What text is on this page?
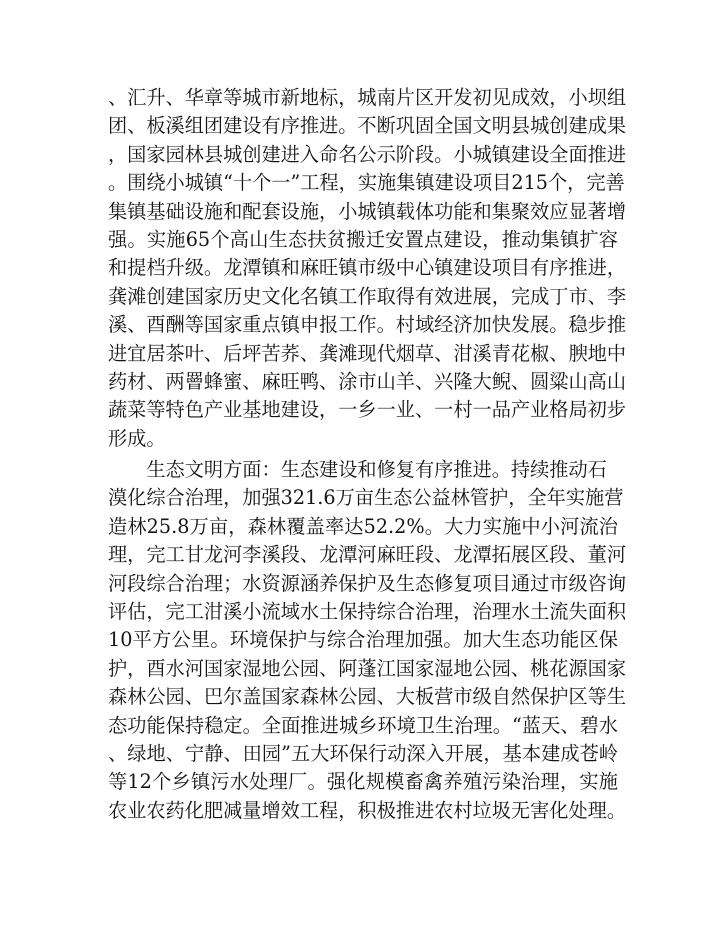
、汇升、华章等城市新地标，城南片区开发初见成效，小坝组
团、板溪组团建设有序推进。不断巩固全国文明县城创建成果
，国家园林县城创建进入命名公示阶段。小城镇建设全面推进
。围绕小城镇“十个一”工程，实施集镇建设项目215个，完善
集镇基础设施和配套设施，小城镇载体功能和集聚效应显著增
强。实施65个高山生态扶贫搬迁安置点建设，推动集镇扩容
和提档升级。龙潭镇和麻旺镇市级中心镇建设项目有序推进，
龚滩创建国家历史文化名镇工作取得有效进展，完成丁市、李
溪、酉酬等国家重点镇申报工作。村域经济加快发展。稳步推
进宜居茶叶、后坪苦荞、龚滩现代烟草、泔溪青花椒、腴地中
药材、两罾蜂蜜、麻旺鸭、涂市山羊、兴隆大鲵、圆粱山高山
蔬菜等特色产业基地建设，一乡一业、一村一品产业格局初步
形成。
　　生态文明方面：生态建设和修复有序推进。持续推动石
漠化综合治理，加强321.6万亩生态公益林管护，全年实施营
造林25.8万亩，森林覆盖率达52.2%。大力实施中小河流治
理，完工甘龙河李溪段、龙潭河麻旺段、龙潭拓展区段、董河
河段综合治理；水资源涵养保护及生态修复项目通过市级咨询
评估，完工泔溪小流域水土保持综合治理，治理水土流失面积
10平方公里。环境保护与综合治理加强。加大生态功能区保
护，酉水河国家湿地公园、阿蓬江国家湿地公园、桃花源国家
森林公园、巴尔盖国家森林公园、大板营市级自然保护区等生
态功能保持稳定。全面推进城乡环境卫生治理。“蓝天、碧水
、绿地、宁静、田园”五大环保行动深入开展，基本建成苍岭
等12个乡镇污水处理厂。强化规模畜禽养殖污染治理，实施
农业农药化肥减量增效工程，积极推进农村垃圾无害化处理。
